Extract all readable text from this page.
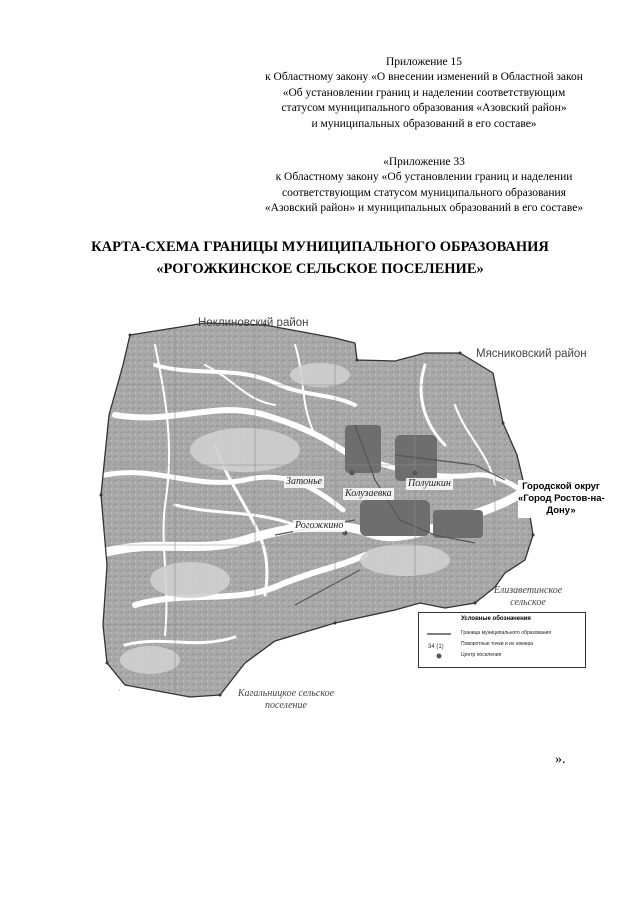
Приложение 15
к Областному закону «О внесении изменений в Областной закон
«Об установлении границ и наделении соответствующим
статусом муниципального образования «Азовский район»
и муниципальных образований в его составе»
«Приложение 33
к Областному закону «Об установлении границ и наделении
соответствующим статусом муниципального образования
«Азовский район» и муниципальных образований в его составе»
КАРТА-СХЕМА ГРАНИЦЫ МУНИЦИПАЛЬНОГО ОБРАЗОВАНИЯ
«РОГОЖКИНСКОЕ СЕЛЬСКОЕ ПОСЕЛЕНИЕ»
Неклиновский район
Мясниковский район
Затонье	Полушкин
Колузаевка
Рогожкино
Городской округ
«Город Ростов-на-
Дону»
Елизаветинское сельское
Кагальницкое сельское
поселение
Условные обозначения
Граница муниципального образования
34 (1)	Поворотные точки и их номера
Центр поселения
».
·
